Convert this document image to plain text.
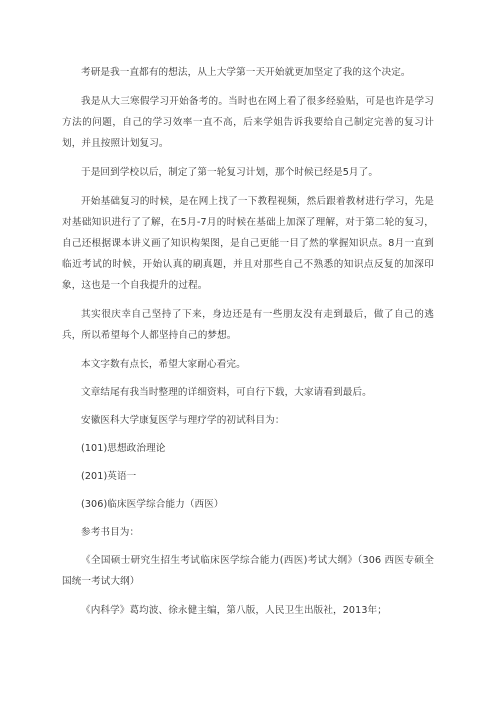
考研是我一直都有的想法，从上大学第一天开始就更加坚定了我的这个决定。

我是从大三寒假学习开始备考的。当时也在网上看了很多经验贴，可是也许是学习方法的问题，自己的学习效率一直不高，后来学姐告诉我要给自己制定完善的复习计划，并且按照计划复习。

于是回到学校以后，制定了第一轮复习计划，那个时候已经是5月了。

开始基础复习的时候，是在网上找了一下教程视频，然后跟着教材进行学习，先是对基础知识进行了了解，在5月-7月的时候在基础上加深了理解，对于第二轮的复习，自己还根据课本讲义画了知识构架图，是自己更能一目了然的掌握知识点。8月一直到临近考试的时候，开始认真的刷真题，并且对那些自己不熟悉的知识点反复的加深印象，这也是一个自我提升的过程。

其实很庆幸自己坚持了下来，身边还是有一些朋友没有走到最后，做了自己的逃兵，所以希望每个人都坚持自己的梦想。

本文字数有点长，希望大家耐心看完。

文章结尾有我当时整理的详细资料，可自行下载，大家请看到最后。

安徽医科大学康复医学与理疗学的初试科目为：

(101)思想政治理论

(201)英语一

(306)临床医学综合能力（西医）

参考书目为：

《全国硕士研究生招生考试临床医学综合能力(西医)考试大纲》（306 西医专硕全国统一考试大纲）

《内科学》葛均波、徐永健主编，第八版，人民卫生出版社，2013年；
